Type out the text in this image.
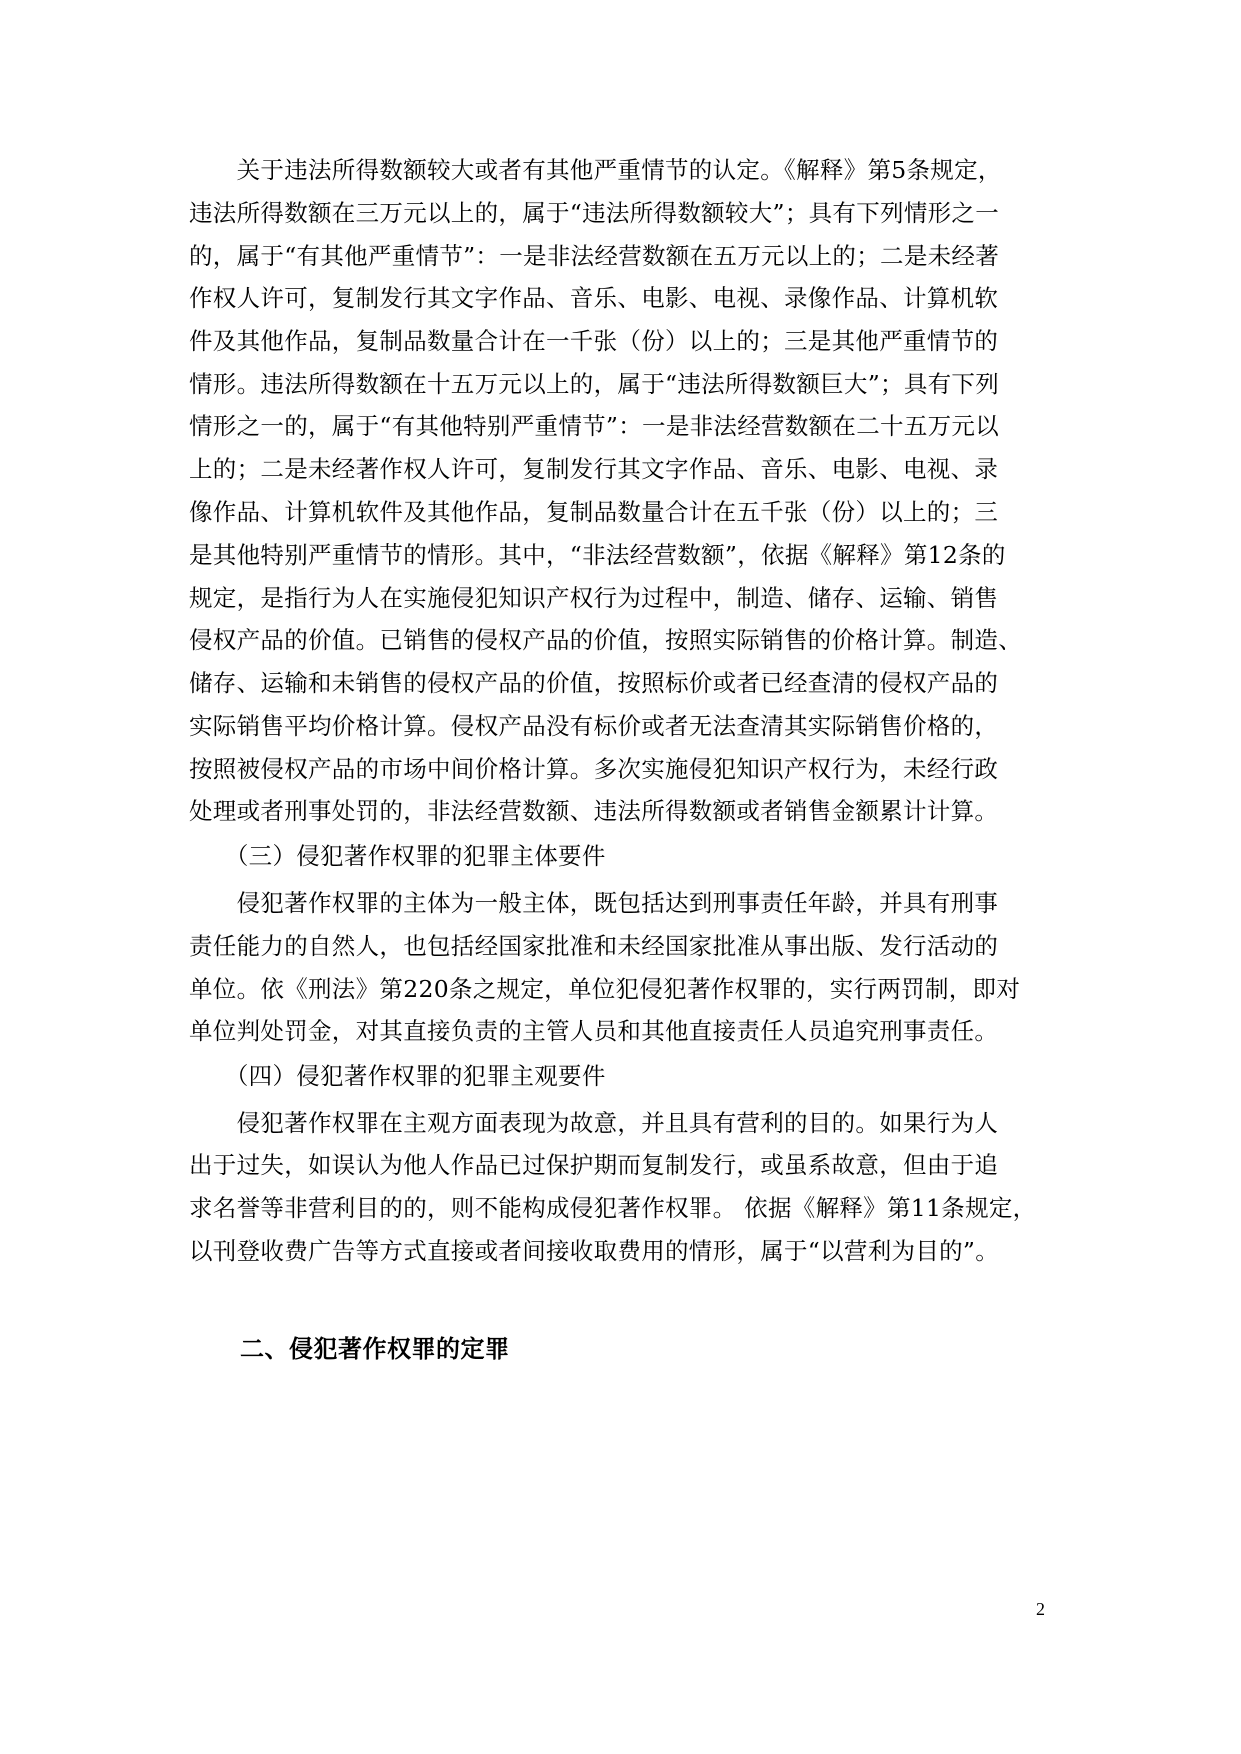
　　关于违法所得数额较大或者有其他严重情节的认定。《解释》第5条规定，
违法所得数额在三万元以上的，属于“违法所得数额较大”；具有下列情形之一
的，属于“有其他严重情节”：一是非法经营数额在五万元以上的；二是未经著
作权人许可，复制发行其文字作品、音乐、电影、电视、录像作品、计算机软
件及其他作品，复制品数量合计在一千张（份）以上的；三是其他严重情节的
情形。违法所得数额在十五万元以上的，属于“违法所得数额巨大”；具有下列
情形之一的，属于“有其他特别严重情节”：一是非法经营数额在二十五万元以
上的；二是未经著作权人许可，复制发行其文字作品、音乐、电影、电视、录
像作品、计算机软件及其他作品，复制品数量合计在五千张（份）以上的；三
是其他特别严重情节的情形。其中，“非法经营数额”，依据《解释》第12条的
规定，是指行为人在实施侵犯知识产权行为过程中，制造、储存、运输、销售
侵权产品的价值。已销售的侵权产品的价值，按照实际销售的价格计算。制造、
储存、运输和未销售的侵权产品的价值，按照标价或者已经查清的侵权产品的
实际销售平均价格计算。侵权产品没有标价或者无法查清其实际销售价格的，
按照被侵权产品的市场中间价格计算。多次实施侵犯知识产权行为，未经行政
处理或者刑事处罚的，非法经营数额、违法所得数额或者销售金额累计计算。
　　（三）侵犯著作权罪的犯罪主体要件
　　侵犯著作权罪的主体为一般主体，既包括达到刑事责任年龄，并具有刑事
责任能力的自然人，也包括经国家批准和未经国家批准从事出版、发行活动的
单位。依《刑法》第220条之规定，单位犯侵犯著作权罪的，实行两罚制，即对
单位判处罚金，对其直接负责的主管人员和其他直接责任人员追究刑事责任。
　　（四）侵犯著作权罪的犯罪主观要件
　　侵犯著作权罪在主观方面表现为故意，并且具有营利的目的。如果行为人
出于过失，如误认为他人作品已过保护期而复制发行，或虽系故意，但由于追
求名誉等非营利目的的，则不能构成侵犯著作权罪。 依据《解释》第11条规定，
以刊登收费广告等方式直接或者间接收取费用的情形，属于“以营利为目的”。
二、侵犯著作权罪的定罪
2
